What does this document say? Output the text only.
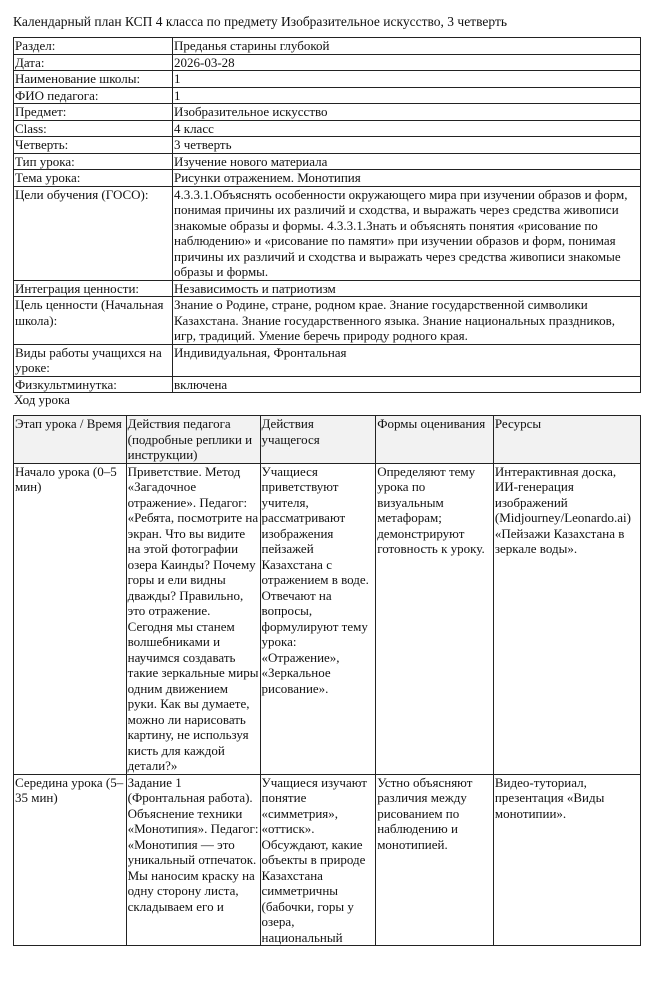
Календарный план КСП 4 класса по предмету Изобразительное искусство, 3 четверть
Раздел:	Преданья старины глубокой
Дата:	2026-03-28
Наименование школы:	1
ФИО педагога:	1
Предмет:	Изобразительное искусство
Class:	4 класс
Четверть:	3 четверть
Тип урока:	Изучение нового материала
Тема урока:	Рисунки отражением. Монотипия
Цели обучения (ГОСО):	4.3.3.1.Объяснять особенности окружающего мира при изучении образов и форм, понимая причины их различий и сходства, и выражать через средства живописи знакомые образы и формы. 4.3.3.1.Знать и объяснять понятия «рисование по наблюдению» и «рисование по памяти» при изучении образов и форм, понимая причины их различий и сходства и выражать через средства живописи знакомые образы и формы.
Интеграция ценности:	Независимость и патриотизм
Цель ценности (Начальная школа):	Знание о Родине, стране, родном крае. Знание государственной символики Казахстана. Знание государственного языка. Знание национальных праздников, игр, традиций. Умение беречь природу родного края.
Виды работы учащихся на уроке:	Индивидуальная, Фронтальная
Физкультминутка:	включена
Ход урока
Этап урока / Время	Действия педагога (подробные реплики и инструкции)	Действия учащегося	Формы оценивания	Ресурсы
Начало урока (0–5 мин)	Приветствие. Метод «Загадочное отражение». Педагог: «Ребята, посмотрите на экран. Что вы видите на этой фотографии озера Каинды? Почему горы и ели видны дважды? Правильно, это отражение. Сегодня мы станем волшебниками и научимся создавать такие зеркальные миры одним движением руки. Как вы думаете, можно ли нарисовать картину, не используя кисть для каждой детали?»	Учащиеся приветствуют учителя, рассматривают изображения пейзажей Казахстана с отражением в воде. Отвечают на вопросы, формулируют тему урока: «Отражение», «Зеркальное рисование».	Определяют тему урока по визуальным метафорам; демонстрируют готовность к уроку.	Интерактивная доска, ИИ-генерация изображений (Midjourney/Leonardo.ai) «Пейзажи Казахстана в зеркале воды».

Середина урока (5–35 мин)	Задание 1 (Фронтальная работа). Объяснение техники «Монотипия». Педагог: «Монотипия — это уникальный отпечаток. Мы наносим краску на одну сторону листа, складываем его и	Учащиеся изучают понятие «симметрия», «оттиск». Обсуждают, какие объекты в природе Казахстана симметричны (бабочки, горы у озера, национальный	Устно объясняют различия между рисованием по наблюдению и монотипией.	Видео-туториал, презентация «Виды монотипии».
